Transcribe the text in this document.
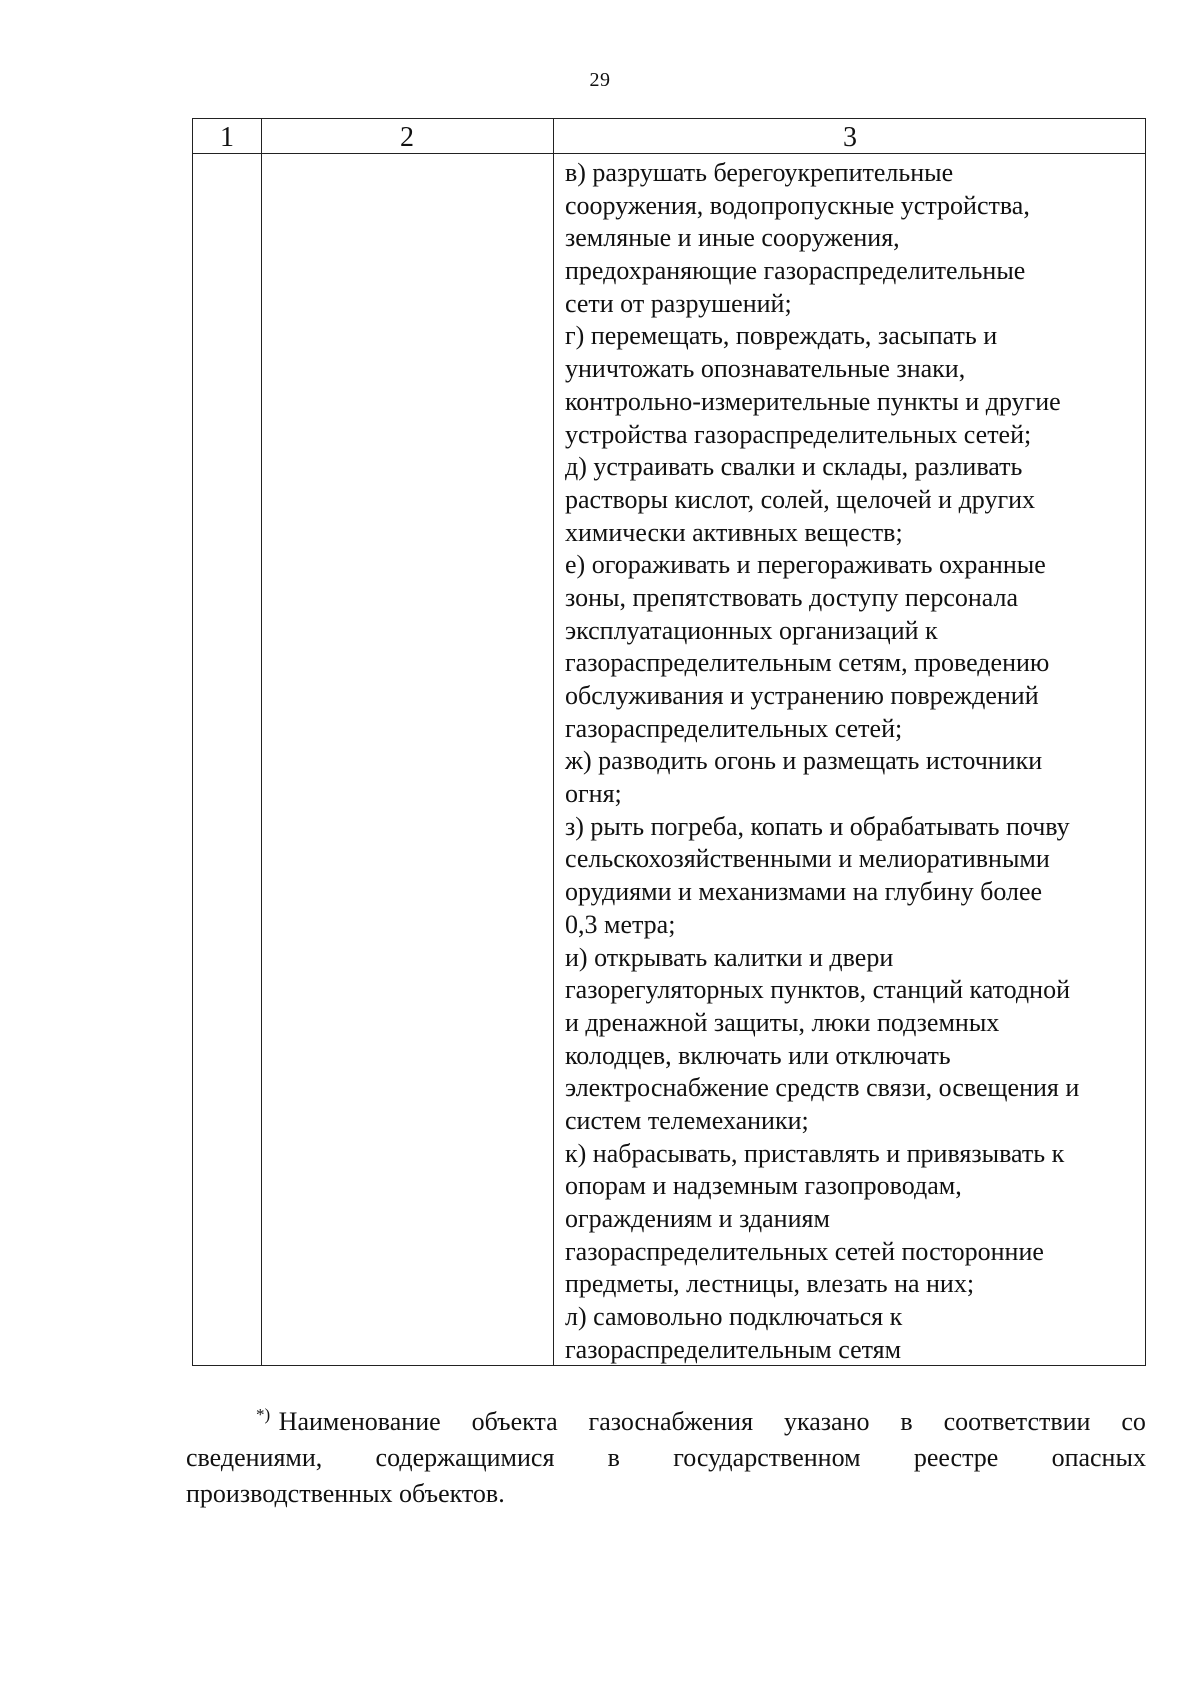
29
1	2	3
в) разрушать берегоукрепительные
сооружения, водопропускные устройства,
земляные и иные сооружения,
предохраняющие газораспределительные
сети от разрушений;
г) перемещать, повреждать, засыпать и
уничтожать опознавательные знаки,
контрольно-измерительные пункты и другие
устройства газораспределительных сетей;
д) устраивать свалки и склады, разливать
растворы кислот, солей, щелочей и других
химически активных веществ;
е) огораживать и перегораживать охранные
зоны, препятствовать доступу персонала
эксплуатационных организаций к
газораспределительным сетям, проведению
обслуживания и устранению повреждений
газораспределительных сетей;
ж) разводить огонь и размещать источники
огня;
з) рыть погреба, копать и обрабатывать почву
сельскохозяйственными и мелиоративными
орудиями и механизмами на глубину более
0,3 метра;
и) открывать калитки и двери
газорегуляторных пунктов, станций катодной
и дренажной защиты, люки подземных
колодцев, включать или отключать
электроснабжение средств связи, освещения и
систем телемеханики;
к) набрасывать, приставлять и привязывать к
опорам и надземным газопроводам,
ограждениям и зданиям
газораспределительных сетей посторонние
предметы, лестницы, влезать на них;
л) самовольно подключаться к
газораспределительным сетям
*) Наименование объекта газоснабжения указано в соответствии со
сведениями, содержащимися в государственном реестре опасных
производственных объектов.
